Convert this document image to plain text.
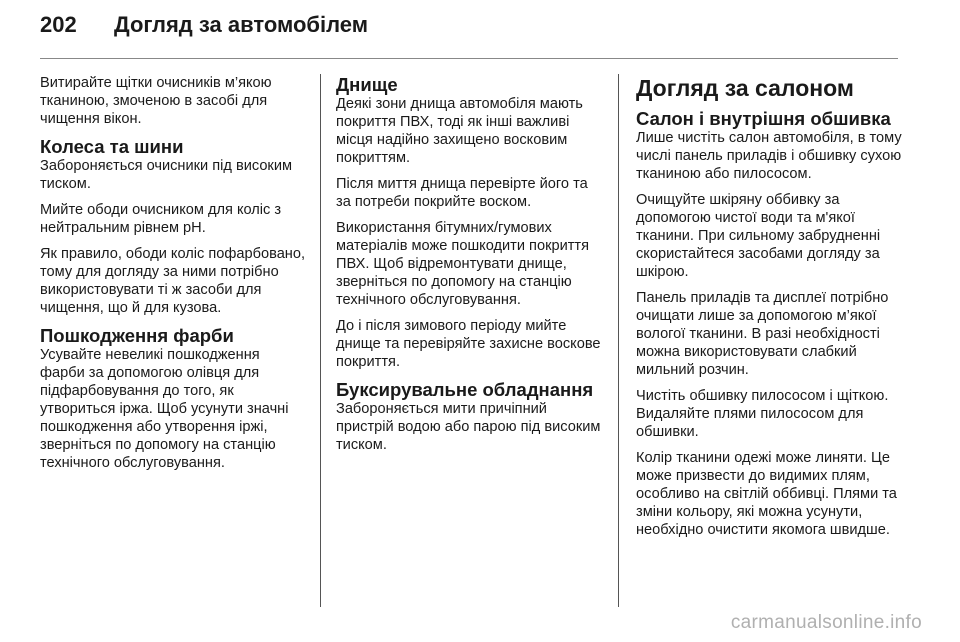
202 Догляд за автомобілем

Витирайте щітки очисників м’якою тканиною, змоченою в засобі для чищення вікон.

Колеса та шини

Забороняється очисники під високим тиском.

Мийте ободи очисником для коліс з нейтральним рівнем pH.

Як правило, ободи коліс пофарбовано, тому для догляду за ними потрібно використовувати ті ж засоби для чищення, що й для кузова.

Пошкодження фарби

Усувайте невеликі пошкодження фарби за допомогою олівця для підфарбовування до того, як утвориться іржа. Щоб усунути значні пошкодження або утворення іржі, зверніться по допомогу на станцію технічного обслуговування.

Днище

Деякі зони днища автомобіля мають покриття ПВХ, тоді як інші важливі місця надійно захищено восковим покриттям.

Після миття днища перевірте його та за потреби покрийте воском.

Використання бітумних/гумових матеріалів може пошкодити покриття ПВХ. Щоб відремонтувати днище, зверніться по допомогу на станцію технічного обслуговування.

До і після зимового періоду мийте днище та перевіряйте захисне воскове покриття.

Буксирувальне обладнання

Забороняється мити причіпний пристрій водою або парою під високим тиском.

Догляд за салоном
Салон і внутрішня обшивка

Лише чистіть салон автомобіля, в тому числі панель приладів і обшивку сухою тканиною або пилососом.

Очищуйте шкіряну оббивку за допомогою чистої води та м'якої тканини. При сильному забрудненні скористайтеся засобами догляду за шкірою.

Панель приладів та дисплеї потрібно очищати лише за допомогою м’якої вологої тканини. В разі необхідності можна використовувати слабкий мильний розчин.

Чистіть обшивку пилососом і щіткою. Видаляйте плями пилососом для обшивки.

Колір тканини одежі може линяти. Це може призвести до видимих плям, особливо на світлій оббивці. Плями та зміни кольору, які можна усунути, необхідно очистити якомога швидше.

carmanualsonline.info
